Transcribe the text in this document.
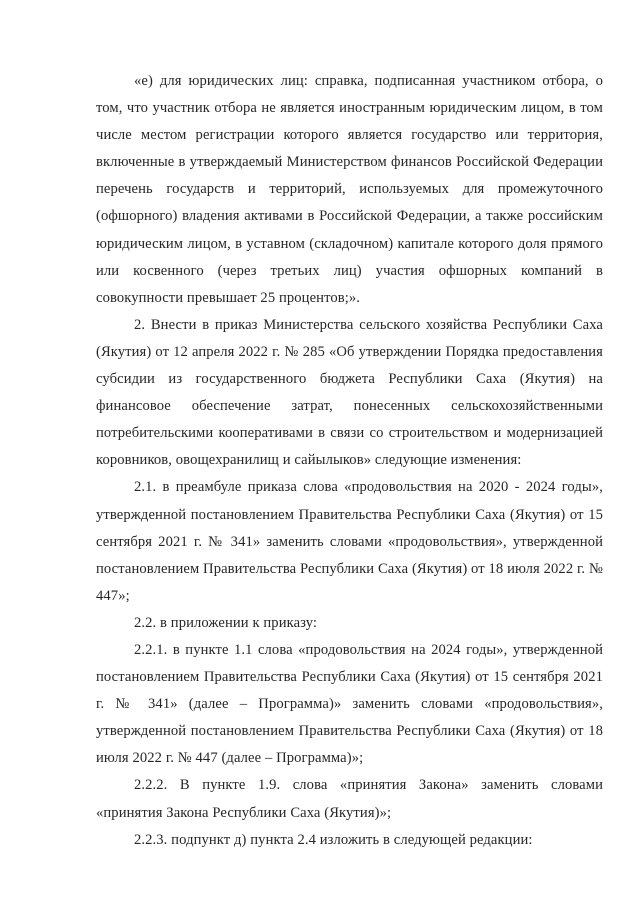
«е) для юридических лиц: справка, подписанная участником отбора, о том, что участник отбора не является иностранным юридическим лицом, в том числе местом регистрации которого является государство или территория, включенные в утверждаемый Министерством финансов Российской Федерации перечень государств и территорий, используемых для промежуточного (офшорного) владения активами в Российской Федерации, а также российским юридическим лицом, в уставном (складочном) капитале которого доля прямого или косвенного (через третьих лиц) участия офшорных компаний в совокупности превышает 25 процентов;».

2. Внести в приказ Министерства сельского хозяйства Республики Саха (Якутия) от 12 апреля 2022 г. № 285 «Об утверждении Порядка предоставления субсидии из государственного бюджета Республики Саха (Якутия) на финансовое обеспечение затрат, понесенных сельскохозяйственными потребительскими кооперативами в связи со строительством и модернизацией коровников, овощехранилищ и сайылыков» следующие изменения:

2.1. в преамбуле приказа слова «продовольствия на 2020 - 2024 годы», утвержденной постановлением Правительства Республики Саха (Якутия) от 15 сентября 2021 г. № 341» заменить словами «продовольствия», утвержденной постановлением Правительства Республики Саха (Якутия) от 18 июля 2022 г. № 447»;

2.2. в приложении к приказу:

2.2.1. в пункте 1.1 слова «продовольствия на 2024 годы», утвержденной постановлением Правительства Республики Саха (Якутия) от 15 сентября 2021 г. № 341» (далее – Программа)» заменить словами «продовольствия», утвержденной постановлением Правительства Республики Саха (Якутия) от 18 июля 2022 г. № 447 (далее – Программа)»;

2.2.2. В пункте 1.9. слова «принятия Закона» заменить словами «принятия Закона Республики Саха (Якутия)»;

2.2.3. подпункт д) пункта 2.4 изложить в следующей редакции:
